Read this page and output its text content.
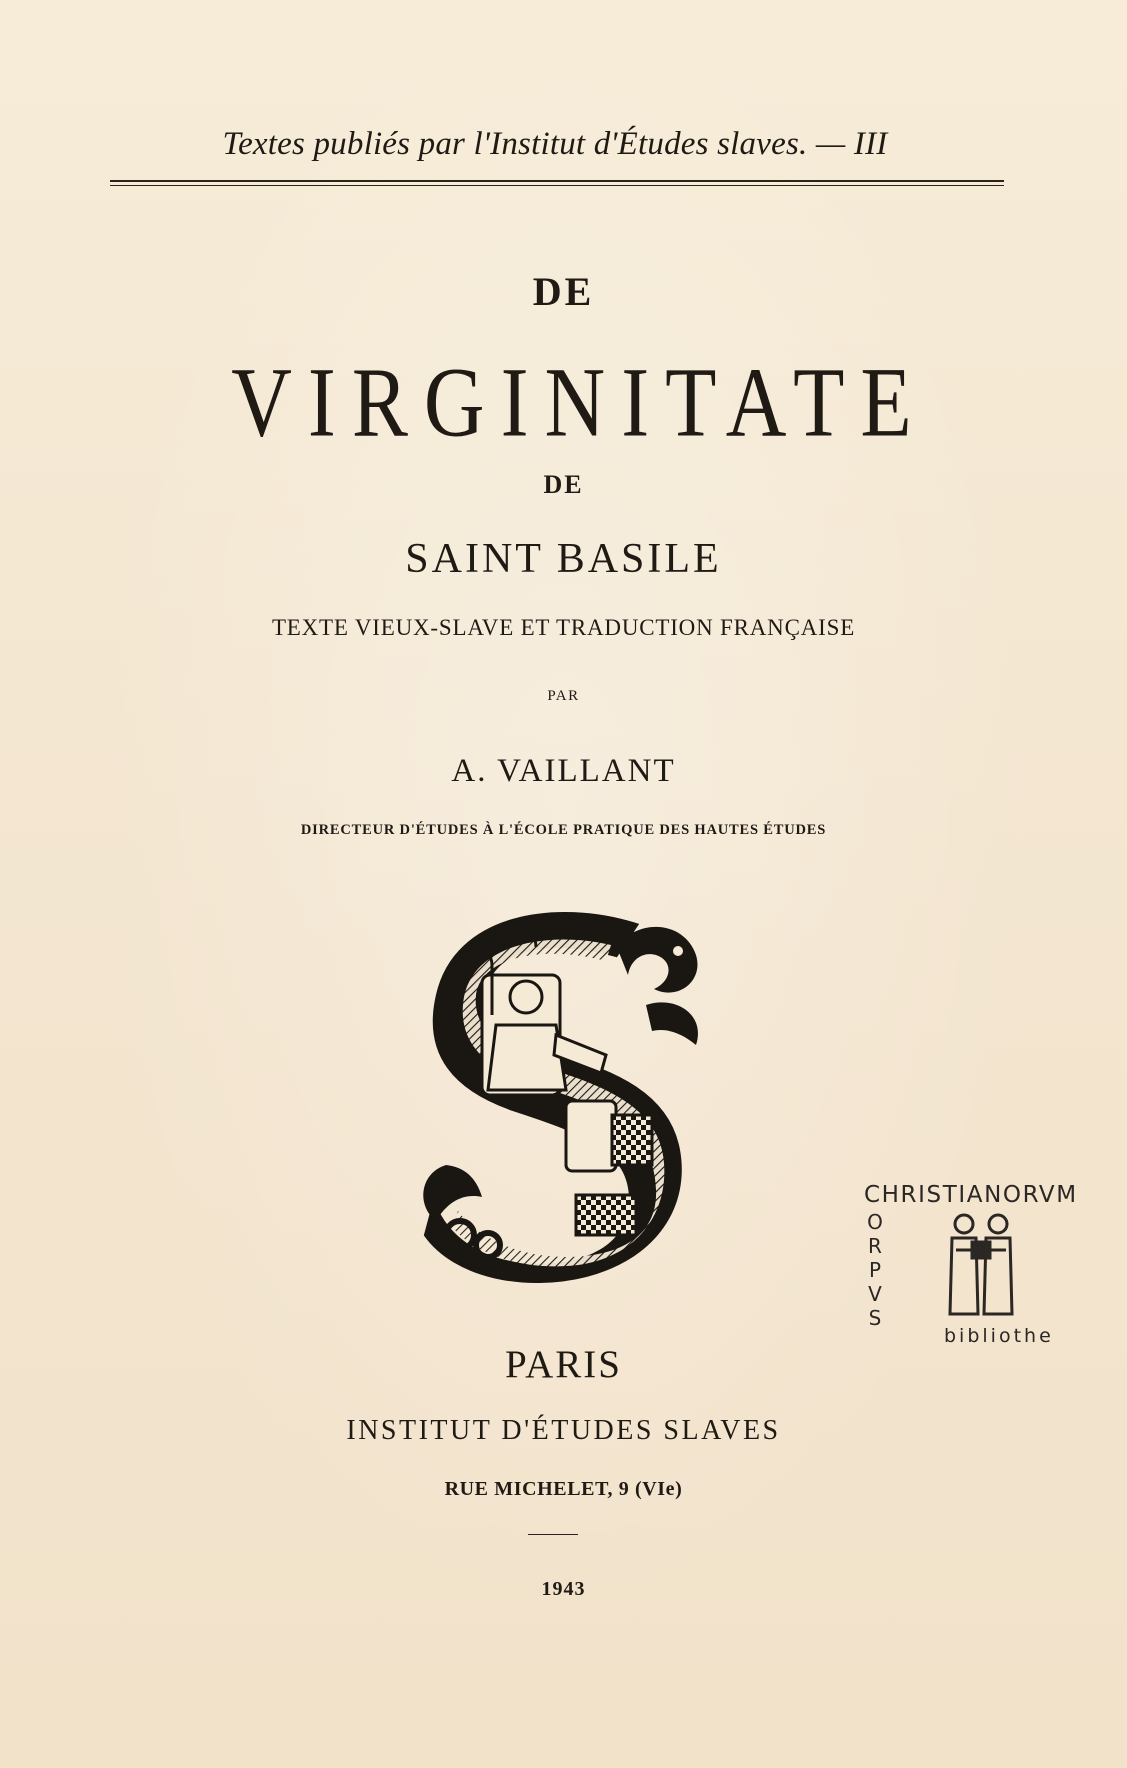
Textes publiés par l'Institut d'Études slaves. — III
DE
VIRGINITATE
DE
SAINT BASILE
TEXTE VIEUX-SLAVE ET TRADUCTION FRANÇAISE
PAR
A. VAILLANT
DIRECTEUR D'ÉTUDES À L'ÉCOLE PRATIQUE DES HAUTES ÉTUDES
PARIS
INSTITUT D'ÉTUDES SLAVES
RUE MICHELET, 9 (VIe)
1943
CHRISTIANORVM
O
R
P
V
S
bibliothe
